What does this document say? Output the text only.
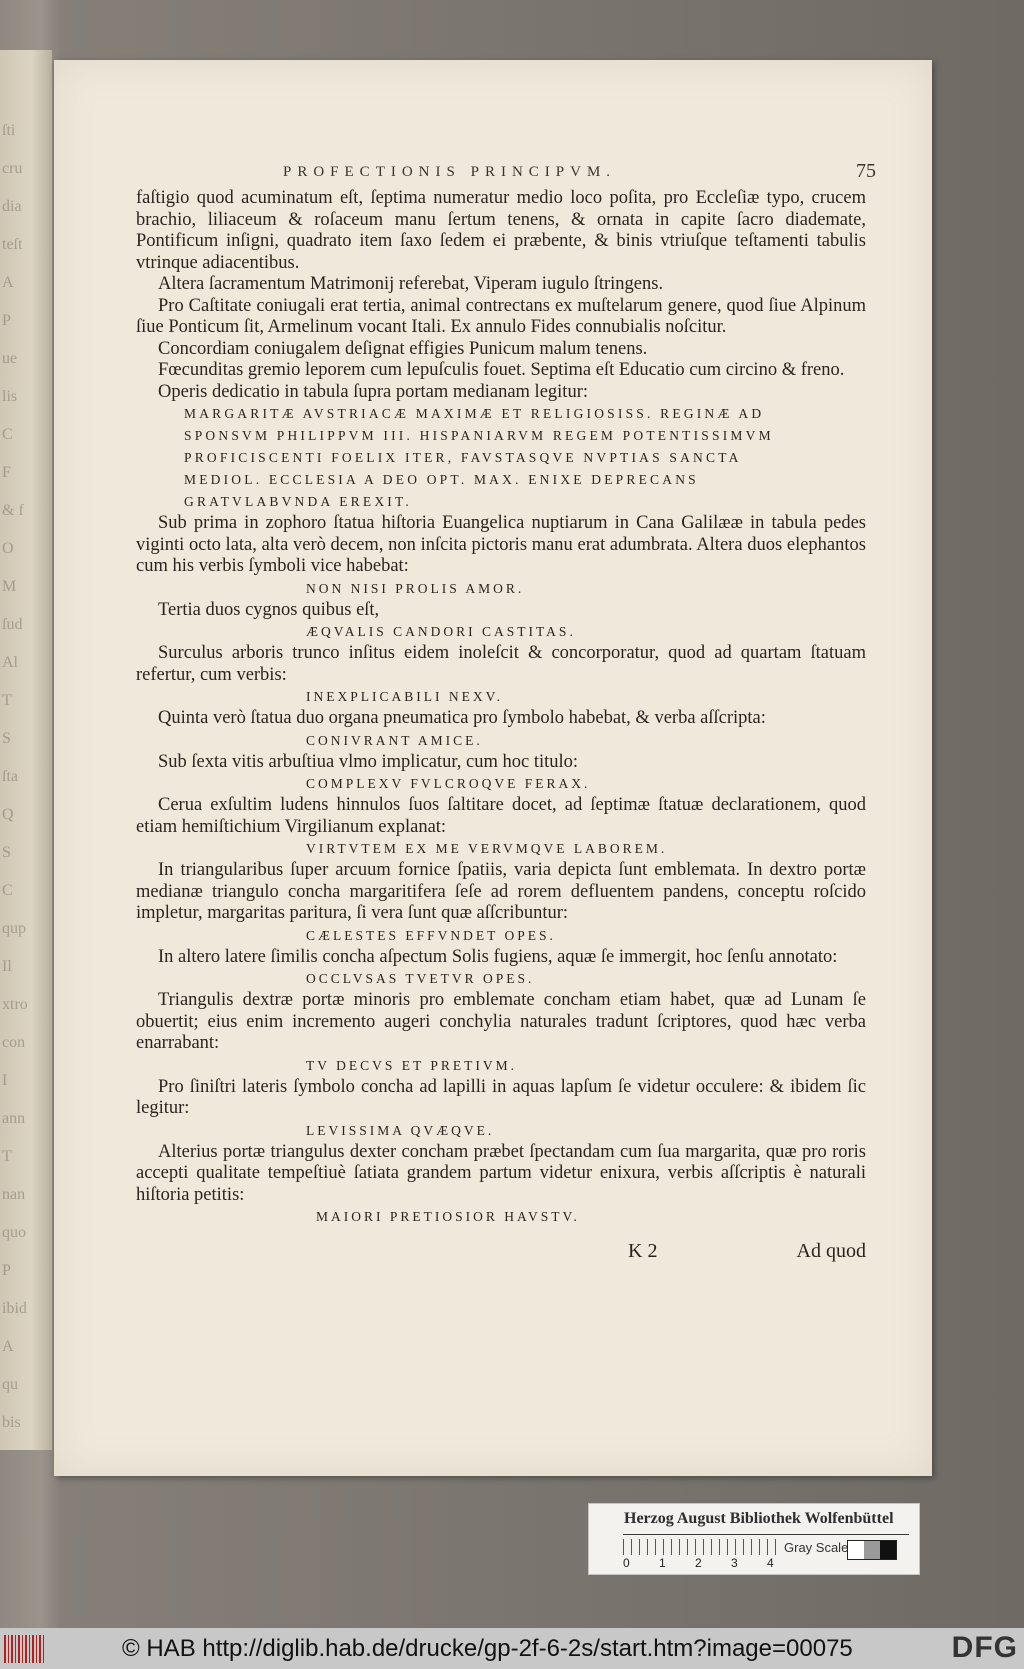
ſti
cru
dia
teſt
A
P
ue
lis
C
F
& f
O
M
ſud
Al
T
S
ſta
Q
S
C
qup
Il
xtro
con
I
ann
T
nan
quo
P
ibid
A
qu
bis
PROFECTIONIS PRINCIPVM.	75

faſtigio quod acuminatum eſt, ſeptima numeratur medio loco poſita, pro Eccleſiæ typo, crucem brachio, liliaceum & roſaceum manu ſertum tenens, & ornata in capite ſacro diademate, Pontificum inſigni, quadrato item ſaxo ſedem ei præbente, & binis vtriuſque teſtamenti tabulis vtrinque adiacentibus.

Altera ſacramentum Matrimonij referebat, Viperam iugulo ſtringens.

Pro Caſtitate coniugali erat tertia, animal contrectans ex muſtelarum genere, quod ſiue Alpinum ſiue Ponticum ſit, Armelinum vocant Itali. Ex annulo Fides connubialis noſcitur.

Concordiam coniugalem deſignat effigies Punicum malum tenens.

Fœcunditas gremio leporem cum lepuſculis fouet. Septima eſt Educatio cum circino & freno.

Operis dedicatio in tabula ſupra portam medianam legitur:

MARGARITÆ AVSTRIACÆ MAXIMÆ ET RELIGIOSISS. REGINÆ AD
SPONSVM PHILIPPVM III. HISPANIARVM REGEM POTENTISSIMVM
PROFICISCENTI FOELIX ITER, FAVSTASQVE NVPTIAS SANCTA
MEDIOL. ECCLESIA A DEO OPT. MAX. ENIXE DEPRECANS
GRATVLABVNDA EREXIT.

Sub prima in zophoro ſtatua hiſtoria Euangelica nuptiarum in Cana Galilææ in tabula pedes viginti octo lata, alta verò decem, non inſcita pictoris manu erat adumbrata. Altera duos elephantos cum his verbis ſymboli vice habebat:

NON NISI PROLIS AMOR.

Tertia duos cygnos quibus eſt,

ÆQVALIS CANDORI CASTITAS.

Surculus arboris trunco inſitus eidem inoleſcit & concorporatur, quod ad quartam ſtatuam refertur, cum verbis:

INEXPLICABILI NEXV.

Quinta verò ſtatua duo organa pneumatica pro ſymbolo habebat, & verba aſſcripta:

CONIVRANT AMICE.

Sub ſexta vitis arbuſtiua vlmo implicatur, cum hoc titulo:

COMPLEXV FVLCROQVE FERAX.

Cerua exſultim ludens hinnulos ſuos ſaltitare docet, ad ſeptimæ ſtatuæ declarationem, quod etiam hemiſtichium Virgilianum explanat:

VIRTVTEM EX ME VERVMQVE LABOREM.

In triangularibus ſuper arcuum fornice ſpatiis, varia depicta ſunt emblemata. In dextro portæ medianæ triangulo concha margaritifera ſeſe ad rorem defluentem pandens, conceptu roſcido impletur, margaritas paritura, ſi vera ſunt quæ aſſcribuntur:

CÆLESTES EFFVNDET OPES.

In altero latere ſimilis concha aſpectum Solis fugiens, aquæ ſe immergit, hoc ſenſu annotato:

OCCLVSAS TVETVR OPES.

Triangulis dextræ portæ minoris pro emblemate concham etiam habet, quæ ad Lunam ſe obuertit; eius enim incremento augeri conchylia naturales tradunt ſcriptores, quod hæc verba enarrabant:

TV DECVS ET PRETIVM.

Pro ſiniſtri lateris ſymbolo concha ad lapilli in aquas lapſum ſe videtur occulere: & ibidem ſic legitur:

LEVISSIMA QVÆQVE.

Alterius portæ triangulus dexter concham præbet ſpectandam cum ſua margarita, quæ pro roris accepti qualitate tempeſtiuè ſatiata grandem partum videtur enixura, verbis aſſcriptis è naturali hiſtoria petitis:

MAIORI PRETIOSIOR HAVSTV.
K 2	Ad quod
Herzog August Bibliothek Wolfenbüttel
Gray Scale
0 1 2 3 4
© HAB http://diglib.hab.de/drucke/gp-2f-6-2s/start.htm?image=00075	DFG
